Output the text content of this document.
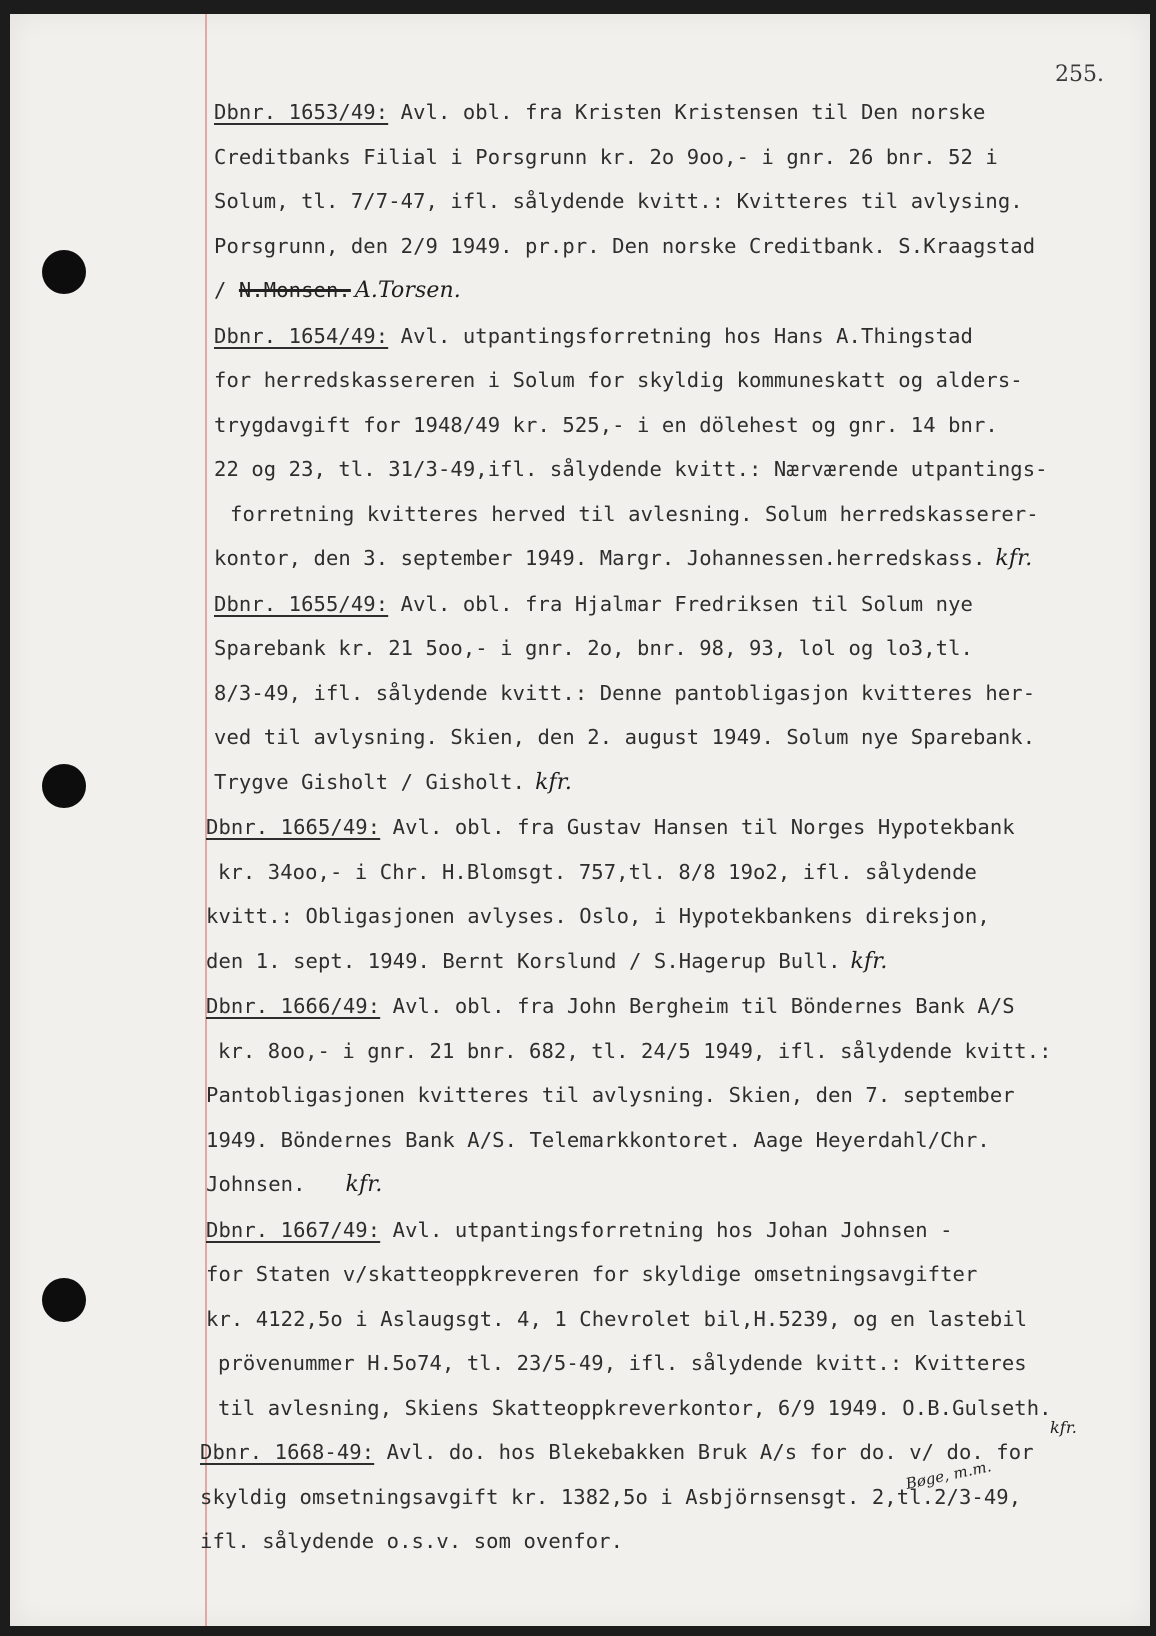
255.
Dbnr. 1653/49: Avl. obl. fra Kristen Kristensen til Den norske
Creditbanks Filial i Porsgrunn kr. 2o 9oo,- i gnr. 26 bnr. 52 i
Solum, tl. 7/7-47, ifl. sålydende kvitt.: Kvitteres til avlysing.
Porsgrunn, den 2/9 1949. pr.pr. Den norske Creditbank. S.Kraagstad
/ N.Monsen. A.Torsen.
Dbnr. 1654/49: Avl. utpantingsforretning hos Hans A.Thingstad
for herredskassereren i Solum for skyldig kommuneskatt og alders-
trygdavgift for 1948/49 kr. 525,- i en dölehest og gnr. 14 bnr.
22 og 23, tl. 31/3-49,ifl. sålydende kvitt.: Nærværende utpantings-
forretning kvitteres herved til avlesning. Solum herredskasserer-
kontor, den 3. september 1949. Margr. Johannessen.herredskass. kfr.
Dbnr. 1655/49: Avl. obl. fra Hjalmar Fredriksen til Solum nye
Sparebank kr. 21 5oo,- i gnr. 2o, bnr. 98, 93, lol og lo3,tl.
8/3-49, ifl. sålydende kvitt.: Denne pantobligasjon kvitteres her-
ved til avlysning. Skien, den 2. august 1949. Solum nye Sparebank.
Trygve Gisholt / Gisholt. kfr.
Dbnr. 1665/49: Avl. obl. fra Gustav Hansen til Norges Hypotekbank
kr. 34oo,- i Chr. H.Blomsgt. 757,tl. 8/8 19o2, ifl. sålydende
kvitt.: Obligasjonen avlyses. Oslo, i Hypotekbankens direksjon,
den 1. sept. 1949. Bernt Korslund / S.Hagerup Bull. kfr.
Dbnr. 1666/49: Avl. obl. fra John Bergheim til Böndernes Bank A/S
kr. 8oo,- i gnr. 21 bnr. 682, tl. 24/5 1949, ifl. sålydende kvitt.:
Pantobligasjonen kvitteres til avlysning. Skien, den 7. september
1949. Böndernes Bank A/S. Telemarkkontoret. Aage Heyerdahl/Chr.
Johnsen. kfr.
Dbnr. 1667/49: Avl. utpantingsforretning hos Johan Johnsen -
for Staten v/skatteoppkreveren for skyldige omsetningsavgifter
kr. 4122,5o i Aslaugsgt. 4, 1 Chevrolet bil,H.5239, og en lastebil
prövenummer H.5o74, tl. 23/5-49, ifl. sålydende kvitt.: Kvitteres
til avlesning, Skiens Skatteoppkreverkontor, 6/9 1949. O.B.Gulseth.
kfr.
Dbnr. 1668-49: Avl. do. hos Blekebakken Bruk A/s for do. v/ do. for
skyldig omsetningsavgift kr. 1382,5o i Asbjörnsensgt. 2,tl.2/3-49,
Bøge, m.m.
ifl. sålydende o.s.v. som ovenfor.
